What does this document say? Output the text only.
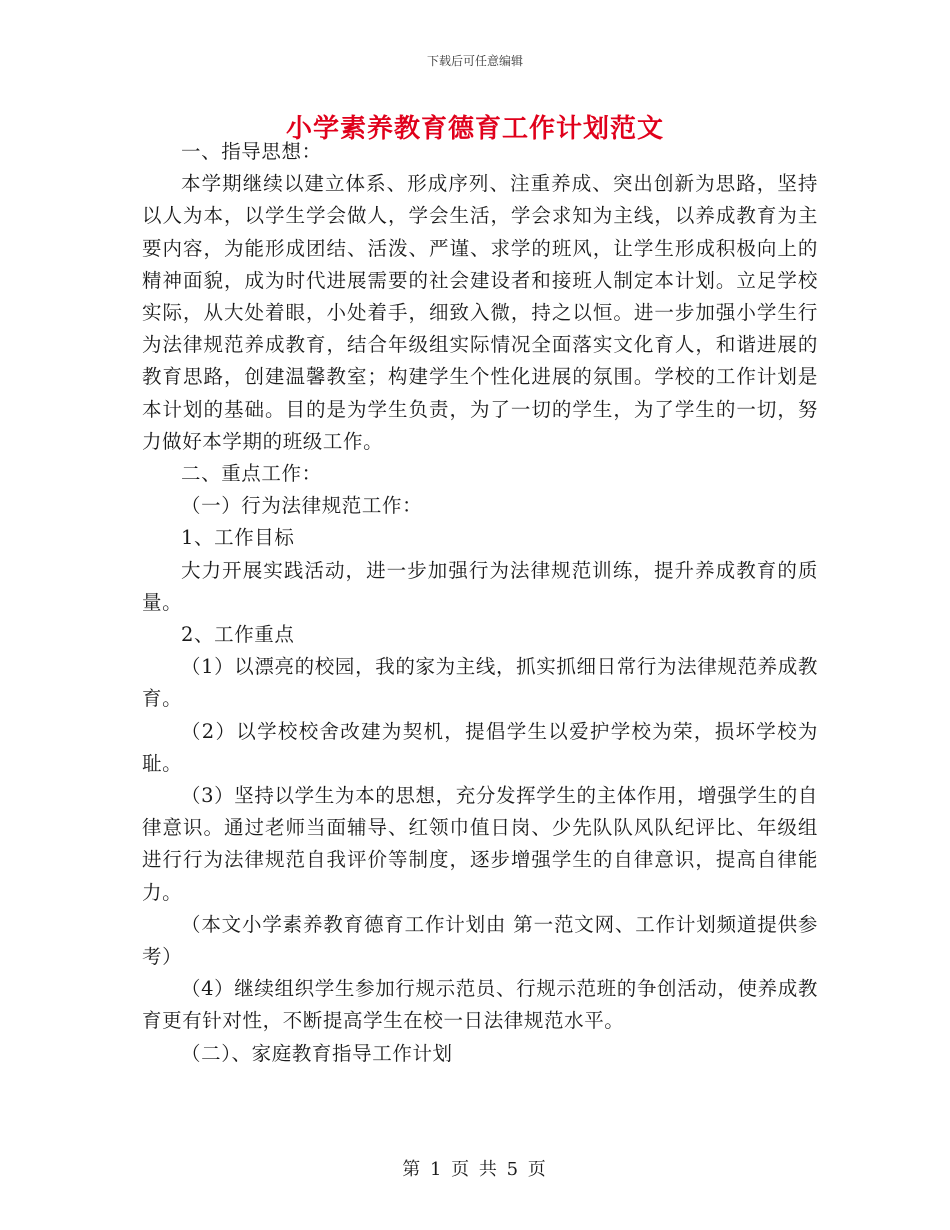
下载后可任意编辑
小学素养教育德育工作计划范文

一、指导思想：

本学期继续以建立体系、形成序列、注重养成、突出创新为思路，坚持 以人为本，以学生学会做人，学会生活，学会求知为主线，以养成教育为主要内容，为能形成团结、活泼、严谨、求学的班风，让学生形成积极向上的精神面貌，成为时代进展需要的社会建设者和接班人制定本计划。立足学校实际，从大处着眼，小处着手，细致入微，持之以恒。进一步加强小学生行为法律规范养成教育，结合年级组实际情况全面落实文化育人，和谐进展的教育思路，创建温馨教室；构建学生个性化进展的氛围。学校的工作计划是本计划的基础。目的是为学生负责，为了一切的学生，为了学生的一切，努力做好本学期的班级工作。

二、重点工作：

（一）行为法律规范工作：

1、工作目标

大力开展实践活动，进一步加强行为法律规范训练，提升养成教育的质量。

2、工作重点

（1）以漂亮的校园，我的家为主线，抓实抓细日常行为法律规范养成教育。

（2）以学校校舍改建为契机，提倡学生以爱护学校为荣，损坏学校为耻。

（3）坚持以学生为本的思想，充分发挥学生的主体作用，增强学生的自律意识。通过老师当面辅导、红领巾值日岗、少先队队风队纪评比、年级组进行行为法律规范自我评价等制度，逐步增强学生的自律意识，提高自律能力。

（本文小学素养教育德育工作计划由 第一范文网、工作计划频道提供参考）

（4）继续组织学生参加行规示范员、行规示范班的争创活动，使养成教育更有针对性，不断提高学生在校一日法律规范水平。

（二）、家庭教育指导工作计划

第 1 页 共 5 页
